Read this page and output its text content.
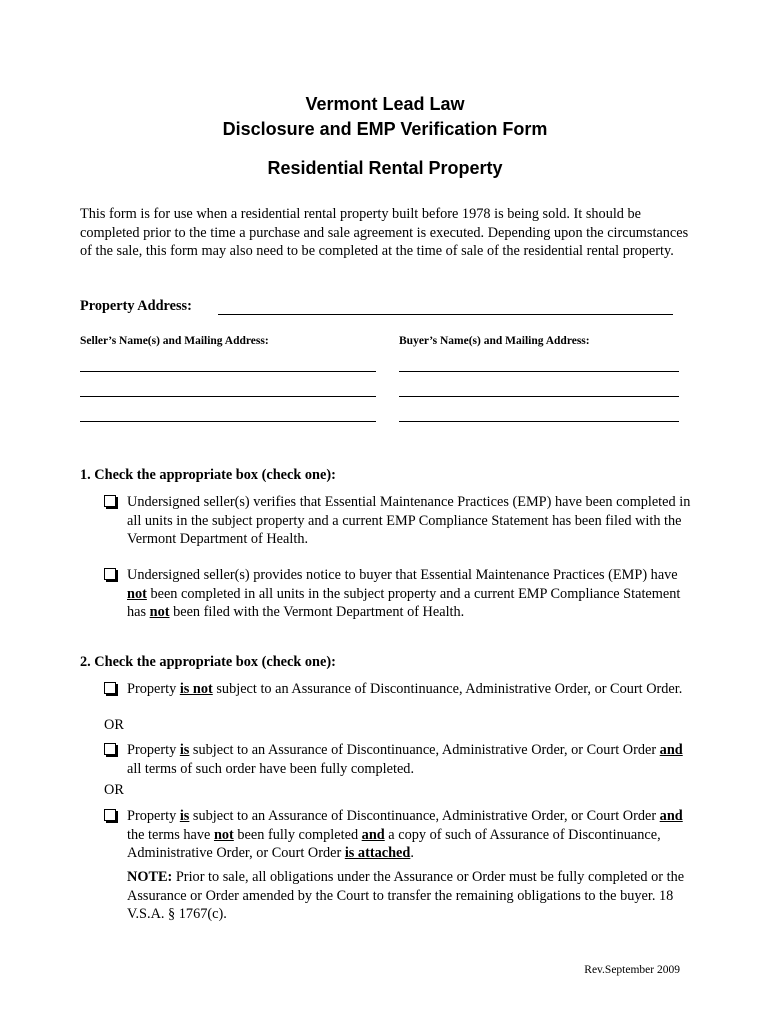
Vermont Lead Law
Disclosure and EMP Verification Form
Residential Rental Property
This form is for use when a residential rental property built before 1978 is being sold. It should be completed prior to the time a purchase and sale agreement is executed. Depending upon the circumstances of the sale, this form may also need to be completed at the time of sale of the residential rental property.
Property Address:
Seller’s Name(s) and Mailing Address:	Buyer’s Name(s) and Mailing Address:
1. Check the appropriate box (check one):
Undersigned seller(s) verifies that Essential Maintenance Practices (EMP) have been completed in all units in the subject property and a current EMP Compliance Statement has been filed with the Vermont Department of Health.
Undersigned seller(s) provides notice to buyer that Essential Maintenance Practices (EMP) have not been completed in all units in the subject property and a current EMP Compliance Statement has not been filed with the Vermont Department of Health.
2. Check the appropriate box (check one):
Property is not subject to an Assurance of Discontinuance, Administrative Order, or Court Order.
OR
Property is subject to an Assurance of Discontinuance, Administrative Order, or Court Order and all terms of such order have been fully completed.
OR
Property is subject to an Assurance of Discontinuance, Administrative Order, or Court Order and the terms have not been fully completed and a copy of such of Assurance of Discontinuance, Administrative Order, or Court Order is attached.
NOTE: Prior to sale, all obligations under the Assurance or Order must be fully completed or the Assurance or Order amended by the Court to transfer the remaining obligations to the buyer. 18 V.S.A. § 1767(c).
Rev.September 2009
